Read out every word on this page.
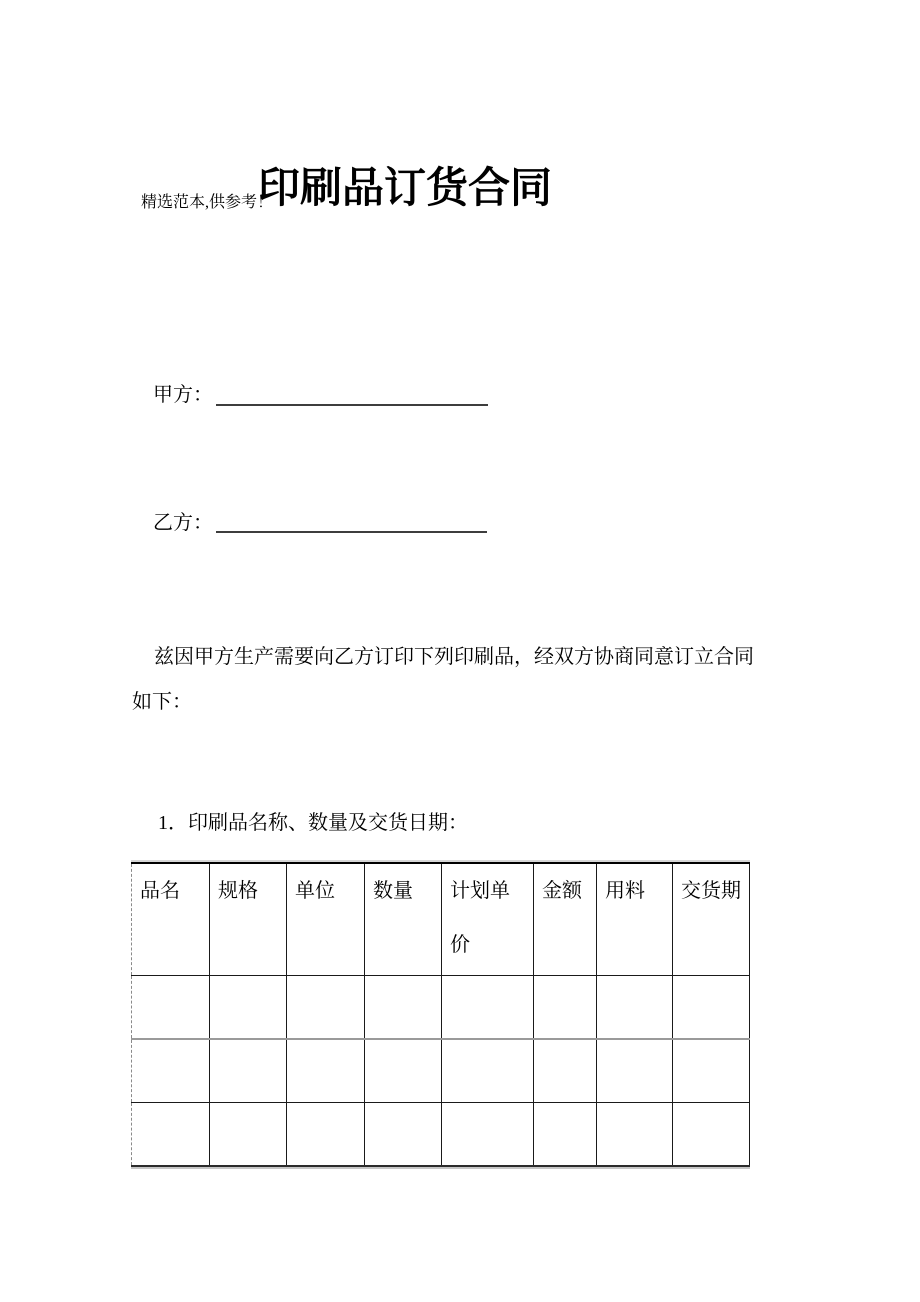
精选范本,供参考！
印刷品订货合同
甲方：
乙方：
兹因甲方生产需要向乙方订印下列印刷品，经双方协商同意订立合同
如下：
1．印刷品名称、数量及交货日期：
品名	规格	单位	数量	计划单价	金额	用料	交货期
